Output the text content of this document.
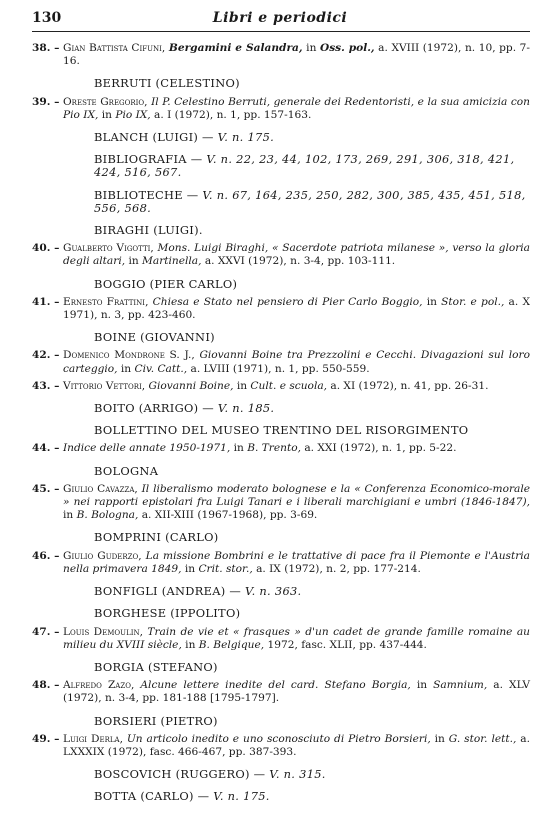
130	Libri e periodici
38. – Gian Battista Cifuni, Bergamini e Salandra, in Oss. pol., a. XVIII (1972), n. 10, pp. 7-16.
BERRUTI (CELESTINO)
39. – Oreste Gregorio, Il P. Celestino Berruti, generale dei Redentoristi, e la sua amicizia con Pio IX, in Pio IX, a. I (1972), n. 1, pp. 157-163.
BLANCH (LUIGI) — V. n. 175.
BIBLIOGRAFIA — V. n. 22, 23, 44, 102, 173, 269, 291, 306, 318, 421, 424, 516, 567.
BIBLIOTECHE — V. n. 67, 164, 235, 250, 282, 300, 385, 435, 451, 518, 556, 568.
BIRAGHI (LUIGI).
40. – Gualberto Vigotti, Mons. Luigi Biraghi, « Sacerdote patriota milanese », verso la gloria degli altari, in Martinella, a. XXVI (1972), n. 3-4, pp. 103-111.
BOGGIO (PIER CARLO)
41. – Ernesto Frattini, Chiesa e Stato nel pensiero di Pier Carlo Boggio, in Stor. e pol., a. X 1971), n. 3, pp. 423-460.
BOINE (GIOVANNI)
42. – Domenico Mondrone S. J., Giovanni Boine tra Prezzolini e Cecchi. Divagazioni sul loro carteggio, in Civ. Catt., a. LVIII (1971), n. 1, pp. 550-559.
43. – Vittorio Vettori, Giovanni Boine, in Cult. e scuola, a. XI (1972), n. 41, pp. 26-31.
BOITO (ARRIGO) — V. n. 185.
BOLLETTINO DEL MUSEO TRENTINO DEL RISORGIMENTO
44. – Indice delle annate 1950-1971, in B. Trento, a. XXI (1972), n. 1, pp. 5-22.
BOLOGNA
45. – Giulio Cavazza, Il liberalismo moderato bolognese e la « Conferenza Economico-morale » nei rapporti epistolari fra Luigi Tanari e i liberali marchigiani e umbri (1846-1847), in B. Bologna, a. XII-XIII (1967-1968), pp. 3-69.
BOMPRINI (CARLO)
46. – Giulio Guderzo, La missione Bombrini e le trattative di pace fra il Piemonte e l'Austria nella primavera 1849, in Crit. stor., a. IX (1972), n. 2, pp. 177-214.
BONFIGLI (ANDREA) — V. n. 363.
BORGHESE (IPPOLITO)
47. – Louis Demoulin, Train de vie et « frasques » d'un cadet de grande famille romaine au milieu du XVIII siècle, in B. Belgique, 1972, fasc. XLII, pp. 437-444.
BORGIA (STEFANO)
48. – Alfredo Zazo, Alcune lettere inedite del card. Stefano Borgia, in Samnium, a. XLV (1972), n. 3-4, pp. 181-188 [1795-1797].
BORSIERI (PIETRO)
49. – Luigi Derla, Un articolo inedito e uno sconosciuto di Pietro Borsieri, in G. stor. lett., a. LXXXIX (1972), fasc. 466-467, pp. 387-393.
BOSCOVICH (RUGGERO) — V. n. 315.
BOTTA (CARLO) — V. n. 175.
